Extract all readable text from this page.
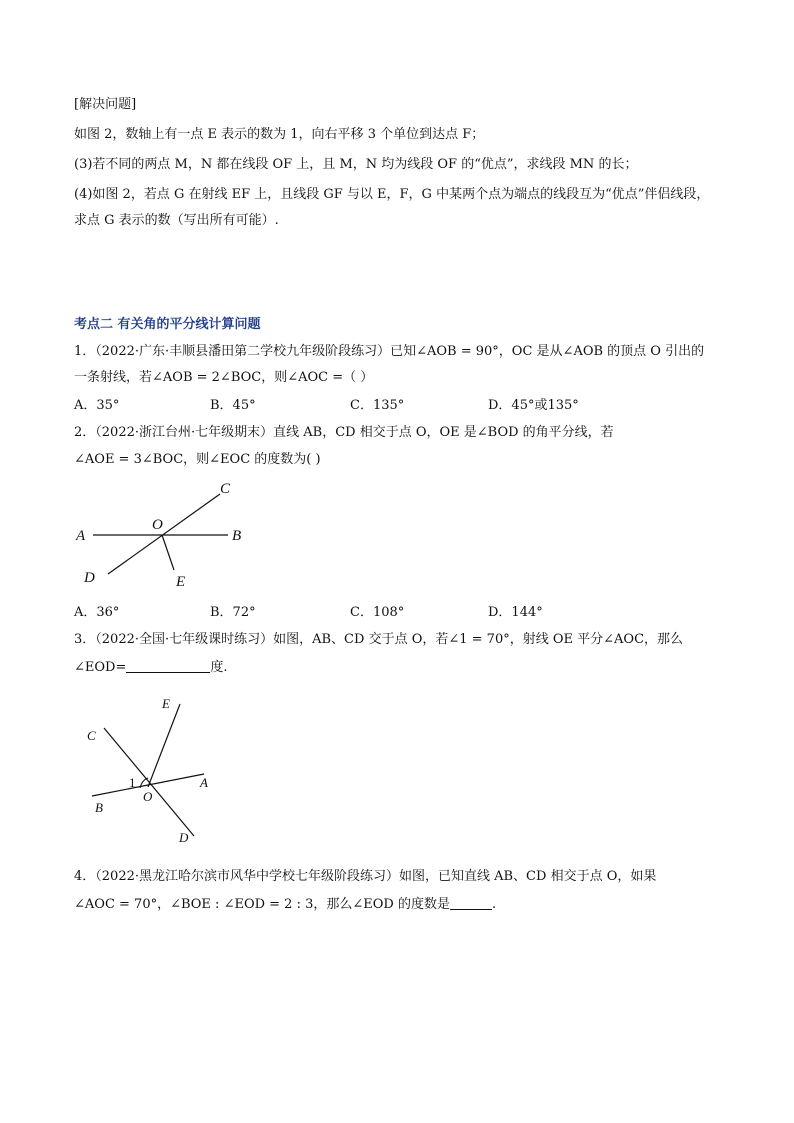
[解决问题]

如图 2，数轴上有一点 E 表示的数为 1，向右平移 3 个单位到达点 F；

(3)若不同的两点 M，N 都在线段 OF 上，且 M，N 均为线段 OF 的“优点”，求线段 MN 的长；

(4)如图 2，若点 G 在射线 EF 上，且线段 GF 与以 E，F，G 中某两个点为端点的线段互为“优点”伴侣线段，

求点 G 表示的数（写出所有可能）.

考点二 有关角的平分线计算问题

1．（2022·广东·丰顺县潘田第二学校九年级阶段练习）已知∠AOB = 90°，OC 是从∠AOB 的顶点 O 引出的

一条射线，若∠AOB = 2∠BOC，则∠AOC =（ ）

A．35°	B．45°	C．135°	D．45°或135°

2．（2022·浙江台州·七年级期末）直线 AB，CD 相交于点 O，OE 是∠BOD 的角平分线，若

∠AOE = 3∠BOC，则∠EOC 的度数为( )

A	B
C
D	E
O
A．36°	B．72°	C．108°	D．144°

3．（2022·全国·七年级课时练习）如图，AB、CD 交于点 O，若∠1 = 70°，射线 OE 平分∠AOC，那么

∠EOD=	度.

E
C
A
B
D
O
1

4．（2022·黑龙江哈尔滨市风华中学校七年级阶段练习）如图，已知直线 AB、CD 相交于点 O，如果

∠AOC = 70°，∠BOE : ∠EOD = 2 : 3，那么∠EOD 的度数是	.
